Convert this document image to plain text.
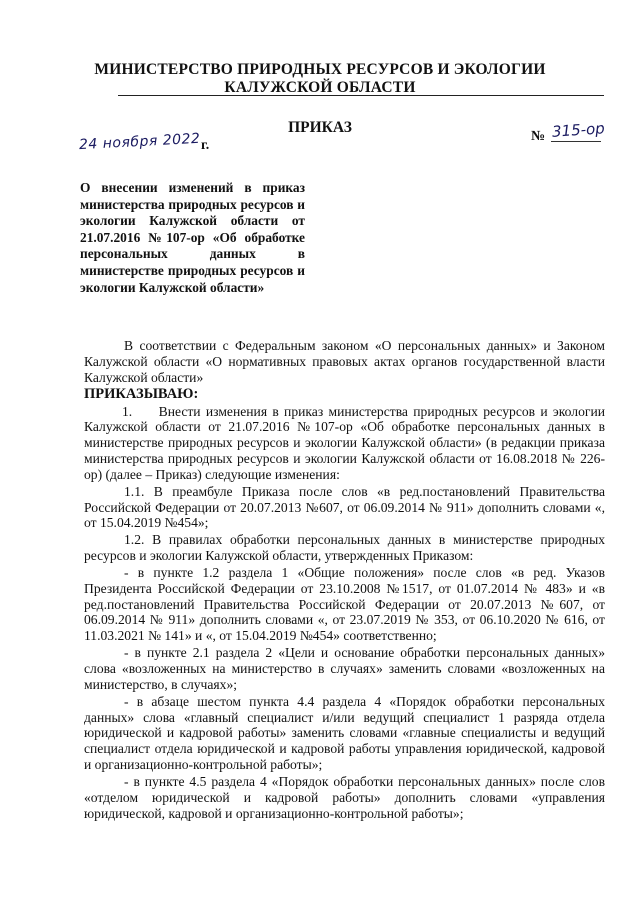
МИНИСТЕРСТВО ПРИРОДНЫХ РЕСУРСОВ И ЭКОЛОГИИ
КАЛУЖСКОЙ ОБЛАСТИ
ПРИКАЗ
24 ноября 2022 г.
№ 315-ор
О внесении изменений в приказ министерства природных ресурсов и экологии Калужской области от 21.07.2016 №107-ор «Об обработке персональных данных в министерстве природных ресурсов и экологии Калужской области»

В соответствии с Федеральным законом «О персональных данных» и Законом Калужской области «О нормативных правовых актах органов государственной власти Калужской области»

ПРИКАЗЫВАЮ:

1.     Внести изменения в приказ министерства природных ресурсов и экологии Калужской области от 21.07.2016 №107-ор «Об обработке персональных данных в министерстве природных ресурсов и экологии Калужской области» (в редакции приказа министерства природных ресурсов и экологии Калужской области от 16.08.2018 № 226-ор) (далее – Приказ) следующие изменения:

1.1. В преамбуле Приказа после слов «в ред.постановлений Правительства Российской Федерации от 20.07.2013 №607, от 06.09.2014 № 911» дополнить словами «, от 15.04.2019 №454»;

1.2. В правилах обработки персональных данных в министерстве природных ресурсов и экологии Калужской области, утвержденных Приказом:

- в пункте 1.2 раздела 1 «Общие положения» после слов «в ред. Указов Президента Российской Федерации от 23.10.2008 №1517, от 01.07.2014 № 483» и «в ред.постановлений Правительства Российской Федерации от 20.07.2013 №607, от 06.09.2014 № 911» дополнить словами «, от 23.07.2019 № 353, от 06.10.2020 № 616, от 11.03.2021 № 141» и «, от 15.04.2019 №454» соответственно;

- в пункте 2.1 раздела 2 «Цели и основание обработки персональных данных» слова «возложенных на министерство в случаях» заменить словами «возложенных на министерство, в случаях»;

- в абзаце шестом пункта 4.4 раздела 4 «Порядок обработки персональных данных» слова «главный специалист и/или ведущий специалист 1 разряда отдела юридической и кадровой работы» заменить словами «главные специалисты и ведущий специалист отдела юридической и кадровой работы управления юридической, кадровой и организационно-контрольной работы»;

- в пункте 4.5 раздела 4 «Порядок обработки персональных данных» после слов «отделом юридической и кадровой работы» дополнить словами «управления юридической, кадровой и организационно-контрольной работы»;
